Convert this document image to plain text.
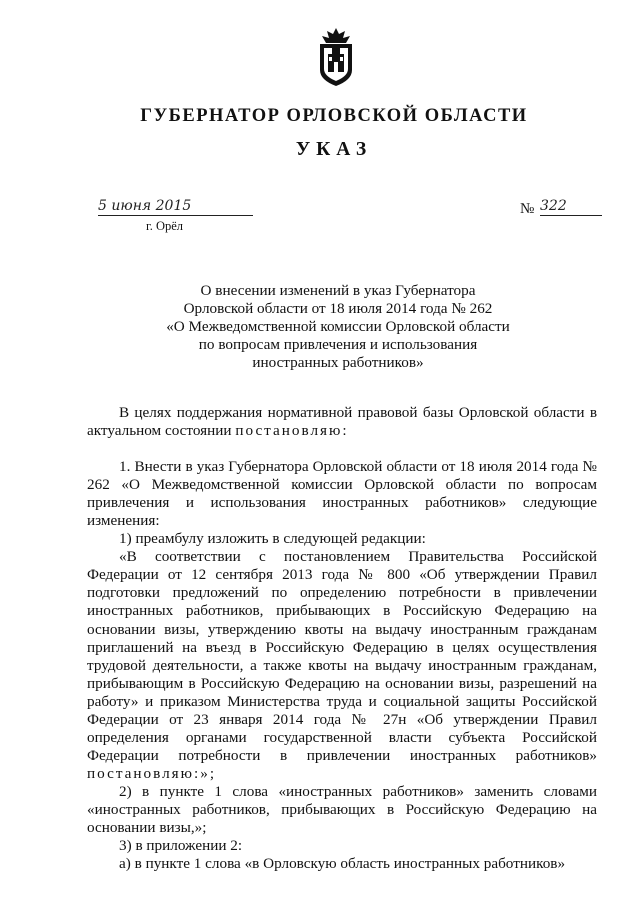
ГУБЕРНАТОР ОРЛОВСКОЙ ОБЛАСТИ
УКАЗ
5 июня 2015	№ 322
г. Орёл
О внесении изменений в указ Губернатора
Орловской области от 18 июля 2014 года № 262
«О Межведомственной комиссии Орловской области
по вопросам привлечения и использования
иностранных работников»

В целях поддержания нормативной правовой базы Орловской области в актуальном состоянии постановляю:

1. Внести в указ Губернатора Орловской области от 18 июля 2014 года № 262 «О Межведомственной комиссии Орловской области по вопросам привлечения и использования иностранных работников» следующие изменения:

1) преамбулу изложить в следующей редакции:

«В соответствии с постановлением Правительства Российской Федерации от 12 сентября 2013 года № 800 «Об утверждении Правил подготовки предложений по определению потребности в привлечении иностранных работников, прибывающих в Российскую Федерацию на основании визы, утверждению квоты на выдачу иностранным гражданам приглашений на въезд в Российскую Федерацию в целях осуществления трудовой деятельности, а также квоты на выдачу иностранным гражданам, прибывающим в Российскую Федерацию на основании визы, разрешений на работу» и приказом Министерства труда и социальной защиты Российской Федерации от 23 января 2014 года № 27н «Об утверждении Правил определения органами государственной власти субъекта Российской Федерации потребности в привлечении иностранных работников» постановляю:»;

2) в пункте 1 слова «иностранных работников» заменить словами «иностранных работников, прибывающих в Российскую Федерацию на основании визы,»;

3) в приложении 2:

а) в пункте 1 слова «в Орловскую область иностранных работников»
